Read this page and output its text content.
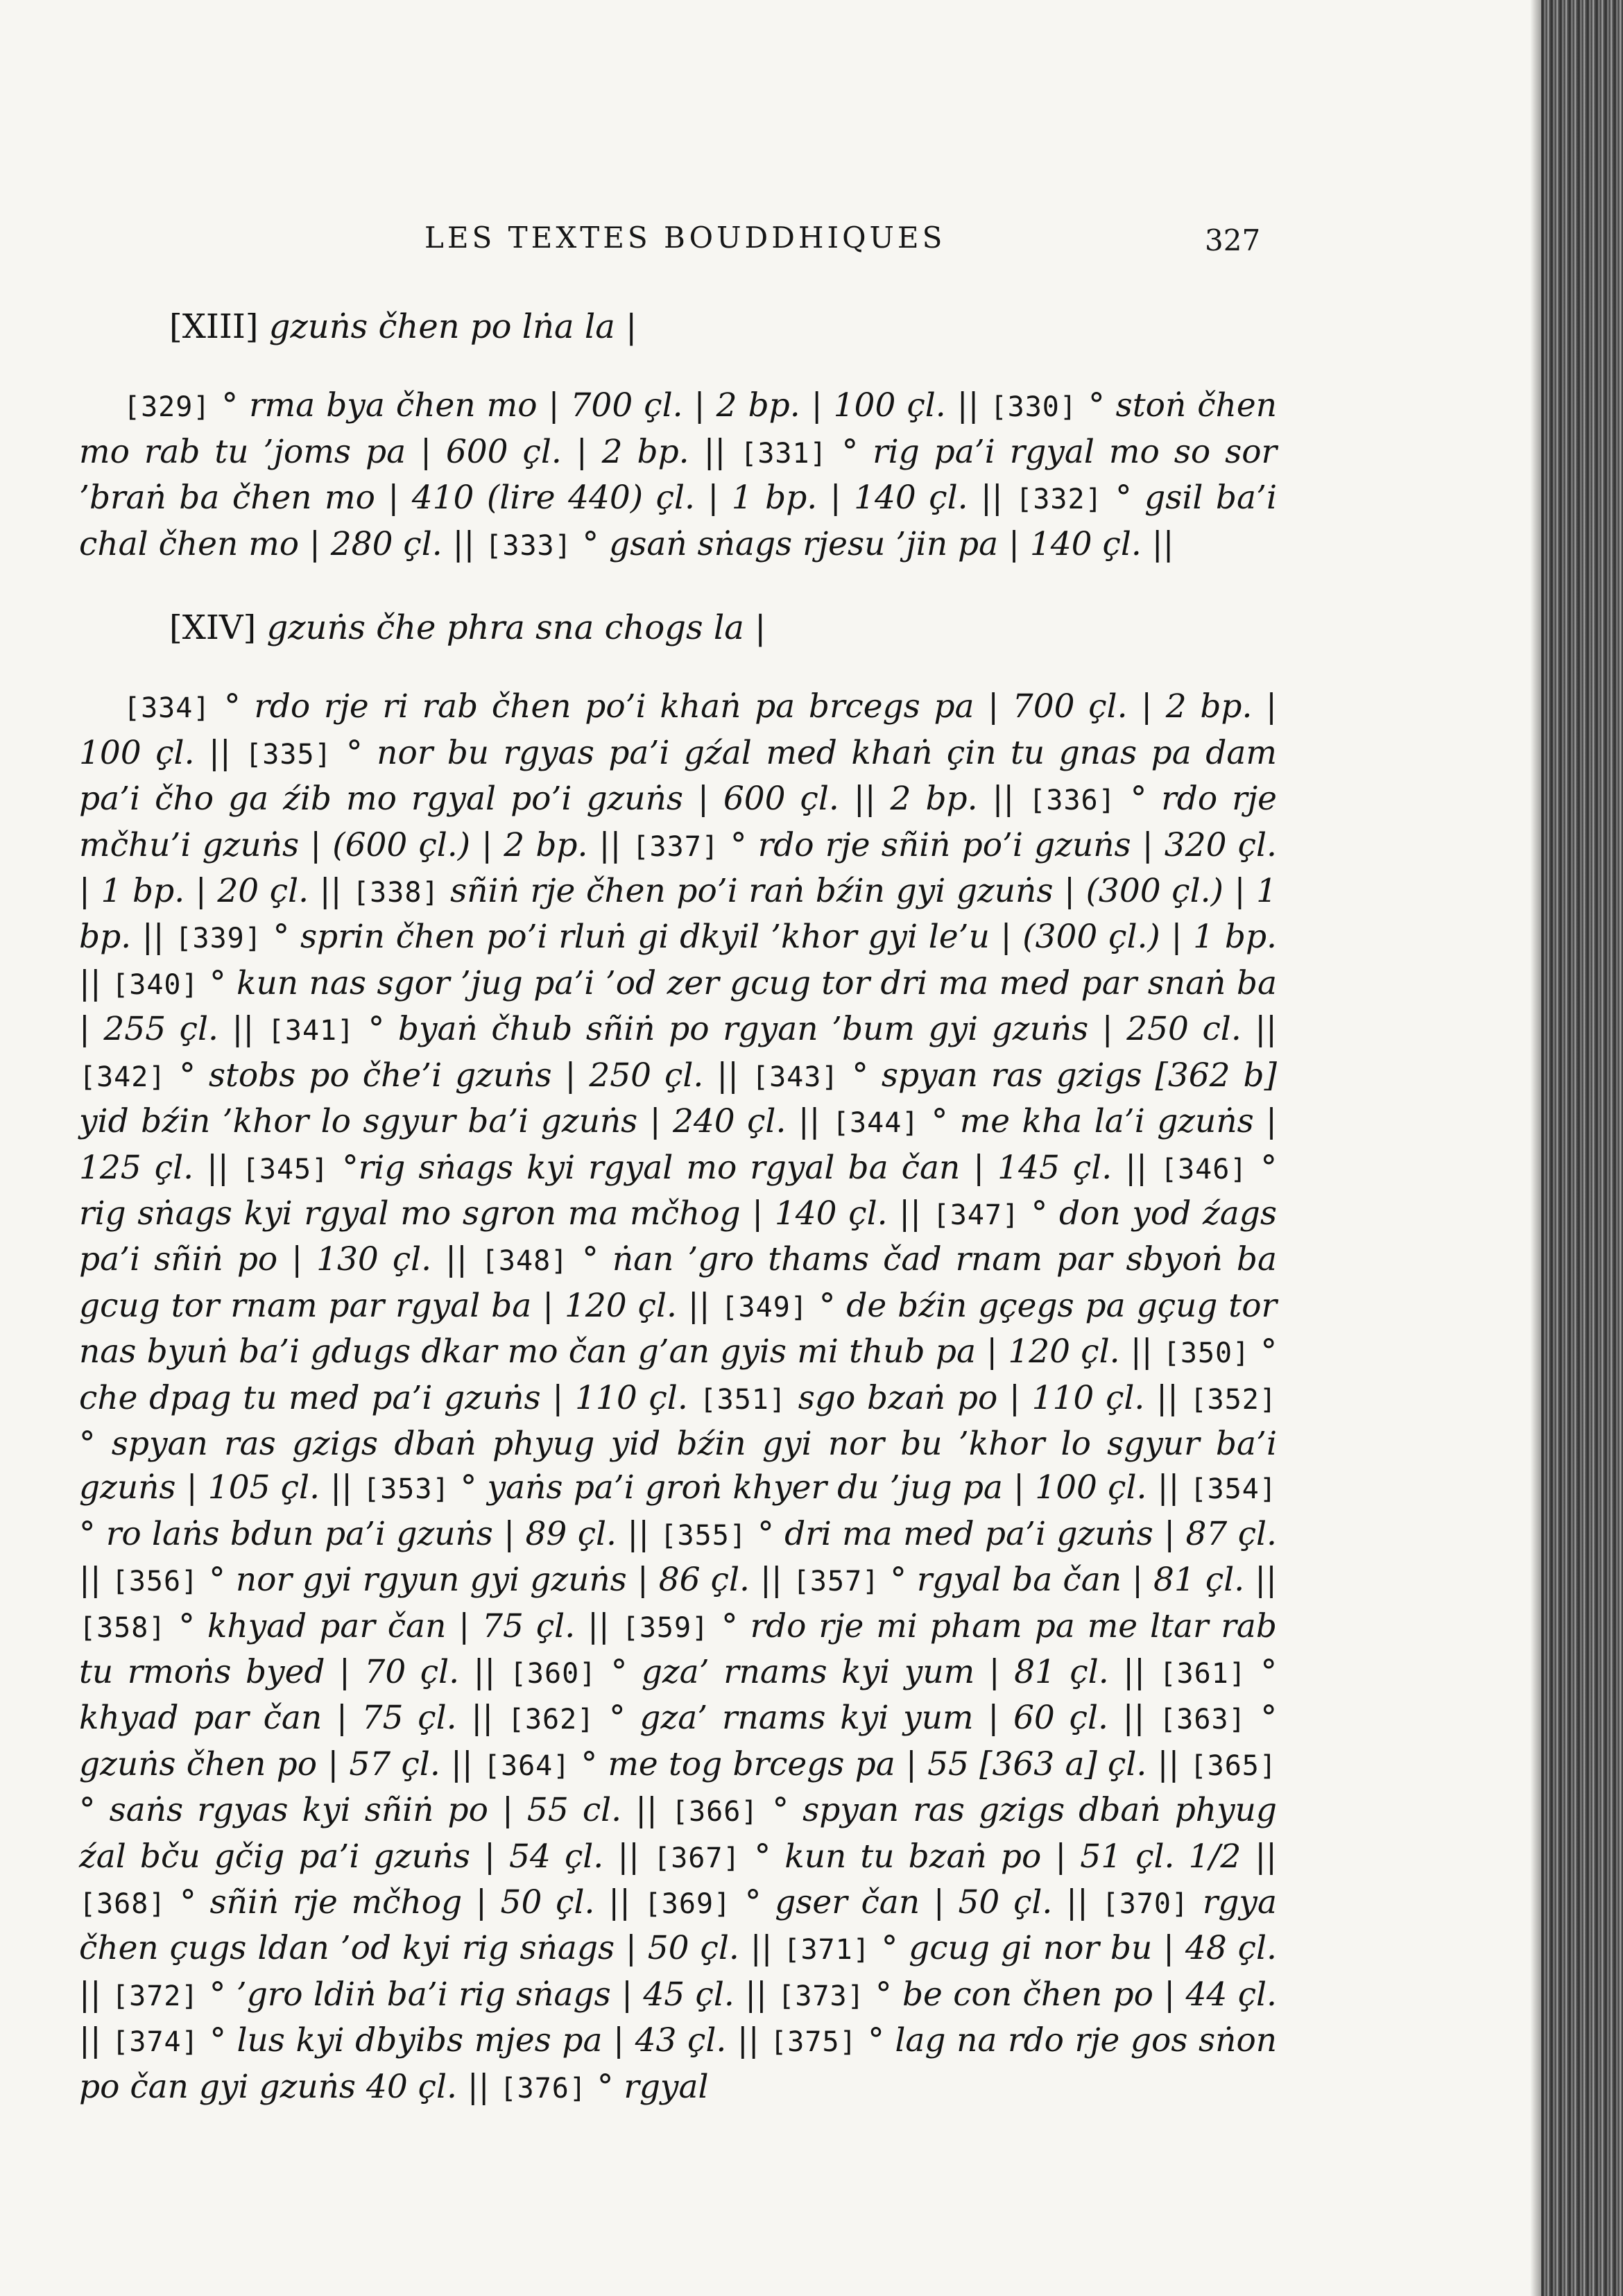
LES TEXTES BOUDDHIQUES	327
[XIII] gzuṅs čhen po lṅa la |
[329] ° rma bya čhen mo | 700 çl. | 2 bp. | 100 çl. || [330] ° stoṅ čhen mo rab tu ’joms pa | 600 çl. | 2 bp. || [331] ° rig pa’i rgyal mo so sor ’braṅ ba čhen mo | 410 (lire 440) çl. | 1 bp. | 140 çl. || [332] ° gsil ba’i chal čhen mo | 280 çl. || [333] ° gsaṅ sṅags rjesu ’jin pa | 140 çl. ||
[XIV] gzuṅs čhe phra sna chogs la |
[334] ° rdo rje ri rab čhen po’i khaṅ pa brcegs pa | 700 çl. | 2 bp. | 100 çl. || [335] ° nor bu rgyas pa’i gźal med khaṅ çin tu gnas pa dam pa’i čho ga źib mo rgyal po’i gzuṅs | 600 çl. || 2 bp. || [336] ° rdo rje mčhu’i gzuṅs | (600 çl.) | 2 bp. || [337] ° rdo rje sñiṅ po’i gzuṅs | 320 çl. | 1 bp. | 20 çl. || [338] sñiṅ rje čhen po’i raṅ bźin gyi gzuṅs | (300 çl.) | 1 bp. || [339] ° sprin čhen po’i rluṅ gi dkyil ’khor gyi le’u | (300 çl.) | 1 bp. || [340] ° kun nas sgor ’jug pa’i ’od zer gcug tor dri ma med par snaṅ ba | 255 çl. || [341] ° byaṅ čhub sñiṅ po rgyan ’bum gyi gzuṅs | 250 cl. || [342] ° stobs po čhe’i gzuṅs | 250 çl. || [343] ° spyan ras gzigs [362 b] yid bźin ’khor lo sgyur ba’i gzuṅs | 240 çl. || [344] ° me kha la’i gzuṅs | 125 çl. || [345] °rig sṅags kyi rgyal mo rgyal ba čan | 145 çl. || [346] ° rig sṅags kyi rgyal mo sgron ma mčhog | 140 çl. || [347] ° don yod źags pa’i sñiṅ po | 130 çl. || [348] ° ṅan ’gro thams čad rnam par sbyoṅ ba gcug tor rnam par rgyal ba | 120 çl. || [349] ° de bźin gçegs pa gçug tor nas byuṅ ba’i gdugs dkar mo čan g’an gyis mi thub pa | 120 çl. || [350] ° che dpag tu med pa’i gzuṅs | 110 çl. [351] sgo bzaṅ po | 110 çl. || [352] ° spyan ras gzigs dbaṅ phyug yid bźin gyi nor bu ’khor lo sgyur ba’i gzuṅs | 105 çl. || [353] ° yaṅs pa’i groṅ khyer du ’jug pa | 100 çl. || [354] ° ro laṅs bdun pa’i gzuṅs | 89 çl. || [355] ° dri ma med pa’i gzuṅs | 87 çl. || [356] ° nor gyi rgyun gyi gzuṅs | 86 çl. || [357] ° rgyal ba čan | 81 çl. || [358] ° khyad par čan | 75 çl. || [359] ° rdo rje mi pham pa me ltar rab tu rmoṅs byed | 70 çl. || [360] ° gza’ rnams kyi yum | 81 çl. || [361] ° khyad par čan | 75 çl. || [362] ° gza’ rnams kyi yum | 60 çl. || [363] ° gzuṅs čhen po | 57 çl. || [364] ° me tog brcegs pa | 55 [363 a] çl. || [365] ° saṅs rgyas kyi sñiṅ po | 55 cl. || [366] ° spyan ras gzigs dbaṅ phyug źal bču gčig pa’i gzuṅs | 54 çl. || [367] ° kun tu bzaṅ po | 51 çl. 1/2 || [368] ° sñiṅ rje mčhog | 50 çl. || [369] ° gser čan | 50 çl. || [370] rgya čhen çugs ldan ’od kyi rig sṅags | 50 çl. || [371] ° gcug gi nor bu | 48 çl. || [372] ° ’gro ldiṅ ba’i rig sṅags | 45 çl. || [373] ° be con čhen po | 44 çl. || [374] ° lus kyi dbyibs mjes pa | 43 çl. || [375] ° lag na rdo rje gos sṅon po čan gyi gzuṅs 40 çl. || [376] ° rgyal
